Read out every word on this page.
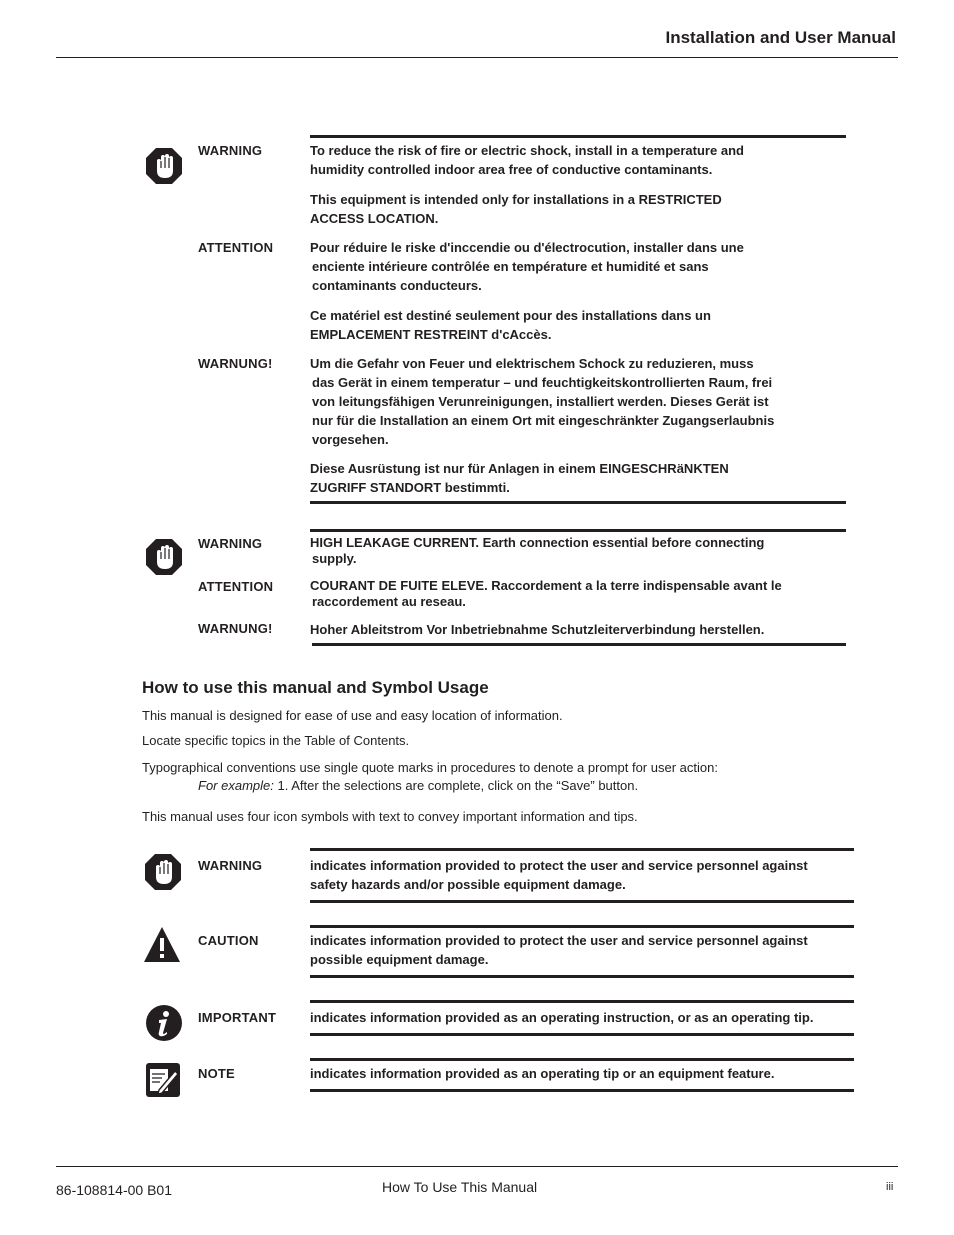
Installation and User Manual
WARNING	To reduce the risk of fire or electric shock, install in a temperature and

humidity controlled indoor area free of conductive contaminants.

This equipment is intended only for installations in a RESTRICTED

ACCESS LOCATION.

ATTENTION	Pour réduire le riske d'inccendie ou d'électrocution, installer dans une

enciente intérieure contrôlée en température et humidité et sans

contaminants conducteurs.

Ce matériel est destiné seulement pour des installations dans un

EMPLACEMENT RESTREINT d'cAccès.

WARNUNG!	Um die Gefahr von Feuer und elektrischem Schock zu reduzieren, muss

das Gerät in einem temperatur – und feuchtigkeitskontrollierten Raum, frei

von leitungsfähigen Verunreinigungen, installiert werden. Dieses Gerät ist

nur für die Installation an einem Ort mit eingeschränkter Zugangserlaubnis

vorgesehen.

Diese Ausrüstung ist nur für Anlagen in einem EINGESCHRäNKTEN

ZUGRIFF STANDORT bestimmti.

WARNING	HIGH LEAKAGE CURRENT. Earth connection essential before connecting

supply.

ATTENTION	COURANT DE FUITE ELEVE. Raccordement a la terre indispensable avant le

raccordement au reseau.

WARNUNG!	Hoher Ableitstrom Vor Inbetriebnahme Schutzleiterverbindung herstellen.

How to use this manual and Symbol Usage
This manual is designed for ease of use and easy location of information.
Locate specific topics in the Table of Contents.
Typographical conventions use single quote marks in procedures to denote a prompt for user action:
For example: 1. After the selections are complete, click on the “Save” button.
This manual uses four icon symbols with text to convey important information and tips.
WARNING	indicates information provided to protect the user and service personnel against

safety hazards and/or possible equipment damage.

CAUTION	indicates information provided to protect the user and service personnel against

possible equipment damage.

IMPORTANT	indicates information provided as an operating instruction, or as an operating tip.

NOTE	indicates information provided as an operating tip or an equipment feature.

86-108814-00 B01	How To Use This Manual	iii
